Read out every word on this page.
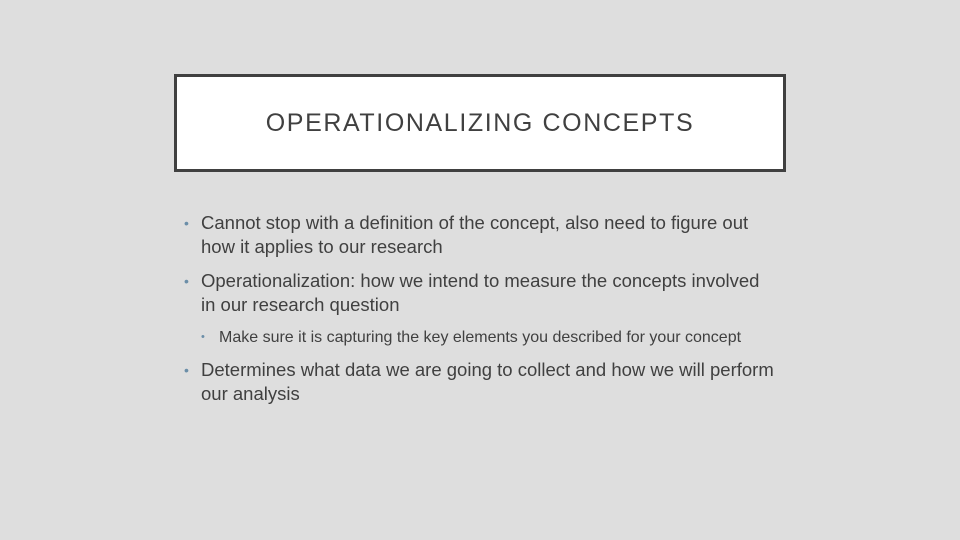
OPERATIONALIZING CONCEPTS
• Cannot stop with a definition of the concept, also need to figure out how it applies to our research
• Operationalization: how we intend to measure the concepts involved in our research question
• Make sure it is capturing the key elements you described for your concept
• Determines what data we are going to collect and how we will perform our analysis
